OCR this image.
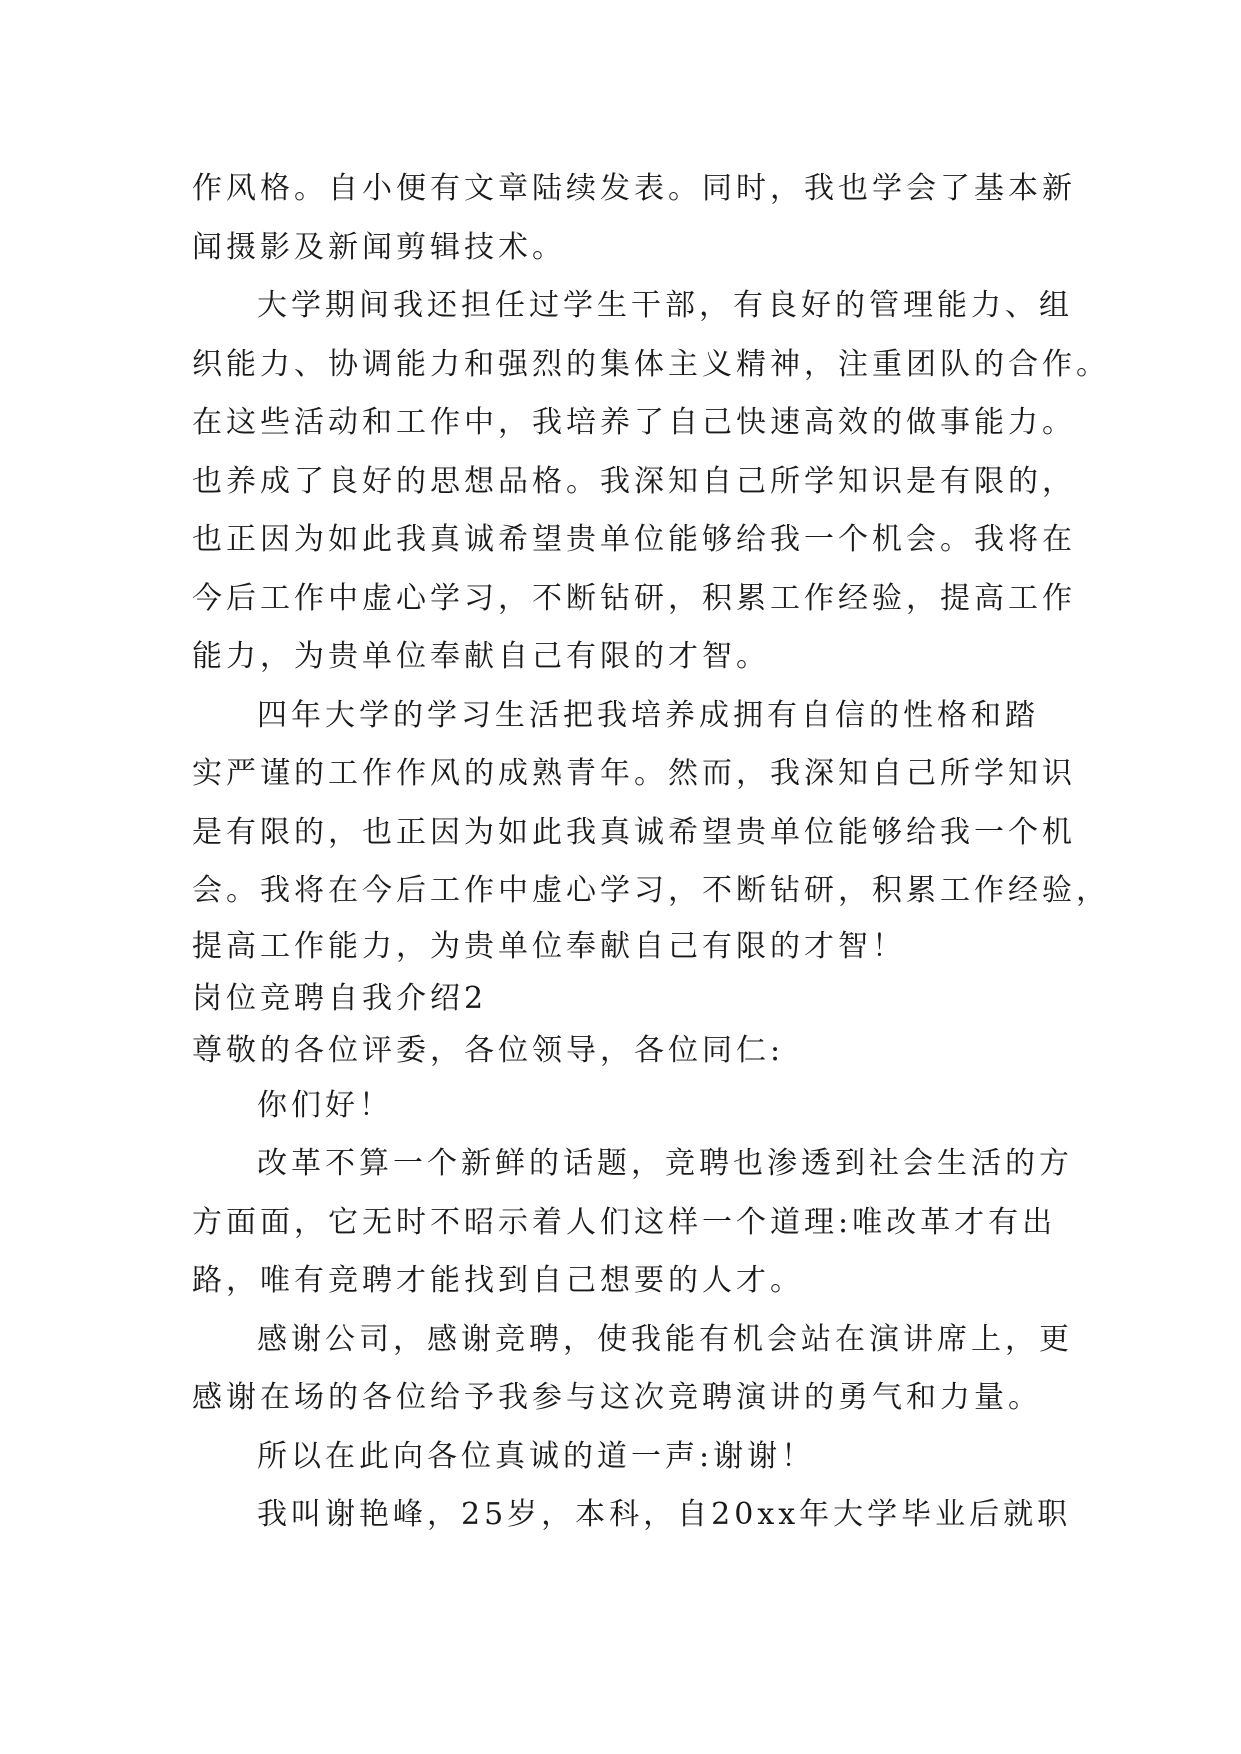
作风格。自小便有文章陆续发表。同时，我也学会了基本新
闻摄影及新闻剪辑技术。
大学期间我还担任过学生干部，有良好的管理能力、组
织能力、协调能力和强烈的集体主义精神，注重团队的合作。
在这些活动和工作中，我培养了自己快速高效的做事能力。
也养成了良好的思想品格。我深知自己所学知识是有限的，
也正因为如此我真诚希望贵单位能够给我一个机会。我将在
今后工作中虚心学习，不断钻研，积累工作经验，提高工作
能力，为贵单位奉献自己有限的才智。
四年大学的学习生活把我培养成拥有自信的性格和踏
实严谨的工作作风的成熟青年。然而，我深知自己所学知识
是有限的，也正因为如此我真诚希望贵单位能够给我一个机
会。我将在今后工作中虚心学习，不断钻研，积累工作经验，
提高工作能力，为贵单位奉献自己有限的才智！
岗位竞聘自我介绍2
尊敬的各位评委，各位领导，各位同仁:
你们好！
改革不算一个新鲜的话题，竞聘也渗透到社会生活的方
方面面，它无时不昭示着人们这样一个道理:唯改革才有出
路，唯有竞聘才能找到自己想要的人才。
感谢公司，感谢竞聘，使我能有机会站在演讲席上，更
感谢在场的各位给予我参与这次竞聘演讲的勇气和力量。
所以在此向各位真诚的道一声:谢谢！
我叫谢艳峰，25岁，本科，自20xx年大学毕业后就职
